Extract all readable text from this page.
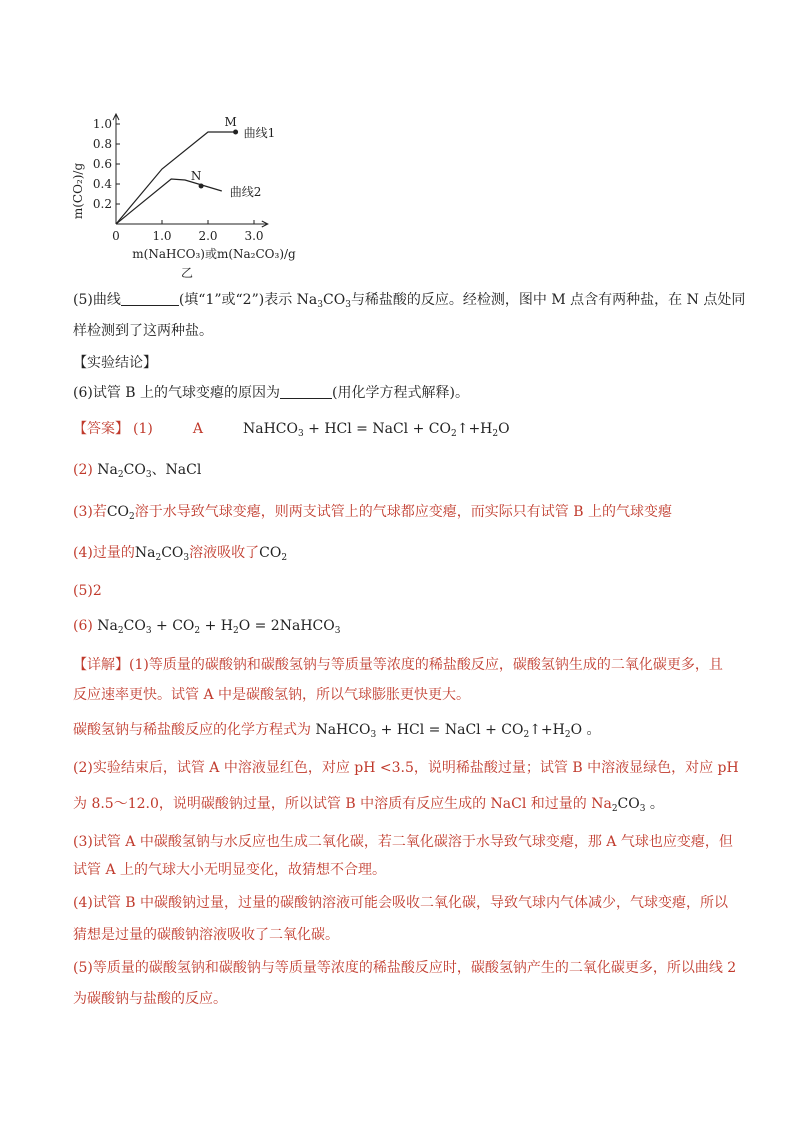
0	1.0 2.0 3.0
0.2
0.4
0.6
0.8
1.0	M
曲线1
N
曲线2
m(CO₂)/g
m(NaHCO₃)或m(Na₂CO₃)/g
乙
(5)曲线	(填“1”或“2”)表示 $Na_3CO_3$与稀盐酸的反应。经检测，图中 M 点含有两种盐，在 N 点处同
样检测到了这两种盐。
【实验结论】
(6)试管 B 上的气球变瘪的原因为	(用化学方程式解释)。
【答案】 (1)	A	NaHCO$_3$ + HCl = NaCl + $CO_2↑+H_2O$
(2) $Na_2CO_3$、NaCl
(3)若$CO_2$溶于水导致气球变瘪，则两支试管上的气球都应变瘪，而实际只有试管 B 上的气球变瘪
(4)过量的$Na_2CO_3$溶液吸收了$CO_2$
(5)2
(6) $Na_2CO_3 + CO_2 + H_2O$ = 2NaHCO$_3$
【详解】(1)等质量的碳酸钠和碳酸氢钠与等质量等浓度的稀盐酸反应，碳酸氢钠生成的二氧化碳更多，且
反应速率更快。试管 A 中是碳酸氢钠，所以气球膨胀更快更大。
碳酸氢钠与稀盐酸反应的化学方程式为 NaHCO$_3$ + HCl = NaCl + $CO_2↑+H_2O$ 。
(2)实验结束后，试管 A 中溶液显红色，对应 pH <3.5，说明稀盐酸过量；试管 B 中溶液显绿色，对应 pH
为 8.5～12.0，说明碳酸钠过量，所以试管 B 中溶质有反应生成的 NaCl 和过量的 $Na_2CO_3$ 。
(3)试管 A 中碳酸氢钠与水反应也生成二氧化碳，若二氧化碳溶于水导致气球变瘪，那 A 气球也应变瘪，但
试管 A 上的气球大小无明显变化，故猜想不合理。
(4)试管 B 中碳酸钠过量，过量的碳酸钠溶液可能会吸收二氧化碳，导致气球内气体减少，气球变瘪，所以
猜想是过量的碳酸钠溶液吸收了二氧化碳。
(5)等质量的碳酸氢钠和碳酸钠与等质量等浓度的稀盐酸反应时，碳酸氢钠产生的二氧化碳更多，所以曲线 2
为碳酸钠与盐酸的反应。
